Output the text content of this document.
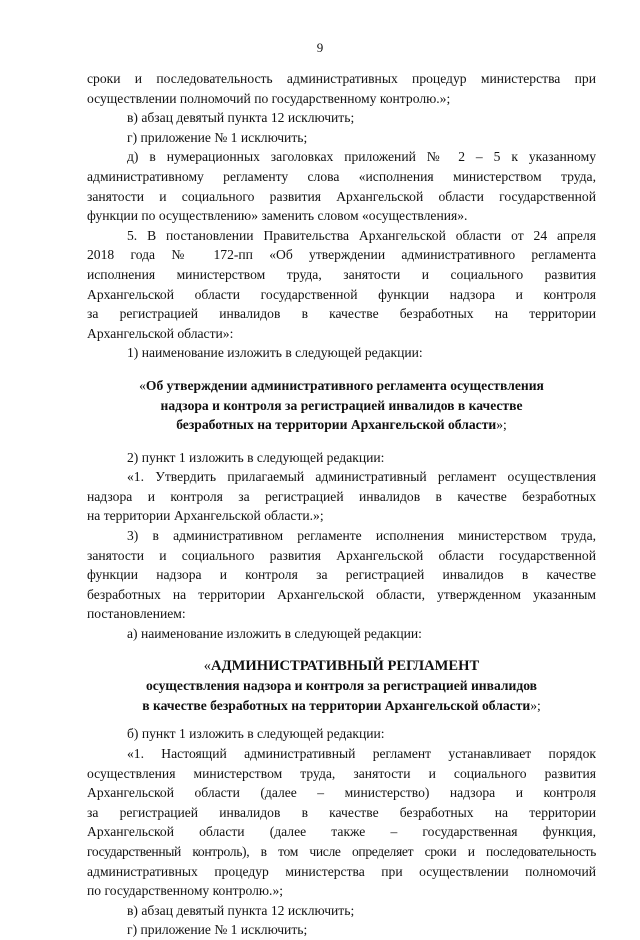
9
сроки и последовательность административных процедур министерства при
осуществлении полномочий по государственному контролю.»;
в) абзац девятый пункта 12 исключить;
г) приложение № 1 исключить;
д) в нумерационных заголовках приложений № 2 – 5 к указанному
административному регламенту слова «исполнения министерством труда,
занятости и социального развития Архангельской области государственной
функции по осуществлению» заменить словом «осуществления».
5. В постановлении Правительства Архангельской области от 24 апреля
2018 года № 172-пп «Об утверждении административного регламента
исполнения министерством труда, занятости и социального развития
Архангельской области государственной функции надзора и контроля
за регистрацией инвалидов в качестве безработных на территории
Архангельской области»:
1) наименование изложить в следующей редакции:
«Об утверждении административного регламента осуществления
надзора и контроля за регистрацией инвалидов в качестве
безработных на территории Архангельской области»;
2) пункт 1 изложить в следующей редакции:
«1. Утвердить прилагаемый административный регламент осуществления
надзора и контроля за регистрацией инвалидов в качестве безработных
на территории Архангельской области.»;
3) в административном регламенте исполнения министерством труда,
занятости и социального развития Архангельской области государственной
функции надзора и контроля за регистрацией инвалидов в качестве
безработных на территории Архангельской области, утвержденном указанным
постановлением:
а) наименование изложить в следующей редакции:
«АДМИНИСТРАТИВНЫЙ РЕГЛАМЕНТ
осуществления надзора и контроля за регистрацией инвалидов
в качестве безработных на территории Архангельской области»;
б) пункт 1 изложить в следующей редакции:
«1. Настоящий административный регламент устанавливает порядок
осуществления министерством труда, занятости и социального развития
Архангельской области (далее – министерство) надзора и контроля
за регистрацией инвалидов в качестве безработных на территории
Архангельской области (далее также – государственная функция,
государственный контроль), в том числе определяет сроки и последовательность
административных процедур министерства при осуществлении полномочий
по государственному контролю.»;
в) абзац девятый пункта 12 исключить;
г) приложение № 1 исключить;
